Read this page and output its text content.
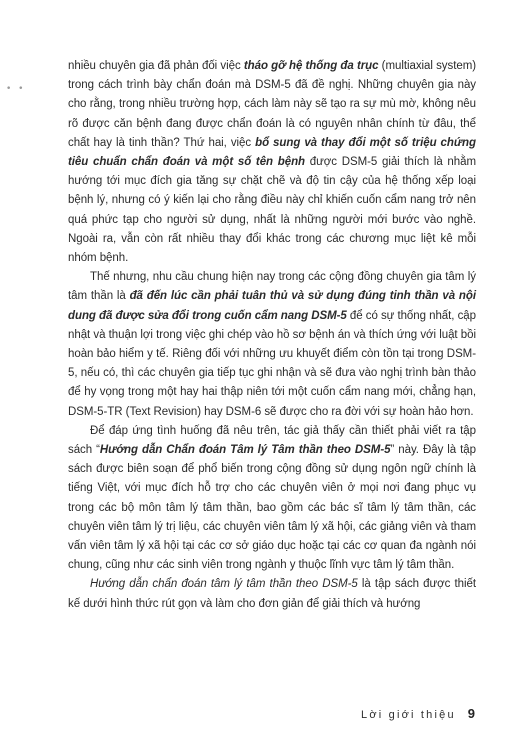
• •

nhiều chuyên gia đã phản đối việc tháo gỡ hệ thống đa trục (multiaxial system) trong cách trình bày chẩn đoán mà DSM-5 đã đề nghị. Những chuyên gia này cho rằng, trong nhiều trường hợp, cách làm này sẽ tạo ra sự mù mờ, không nêu rõ được căn bệnh đang được chẩn đoán là có nguyên nhân chính từ đâu, thể chất hay là tinh thần? Thứ hai, việc bổ sung và thay đổi một số triệu chứng tiêu chuẩn chẩn đoán và một số tên bệnh được DSM-5 giải thích là nhằm hướng tới mục đích gia tăng sự chặt chẽ và độ tin cậy của hệ thống xếp loại bệnh lý, nhưng có ý kiến lại cho rằng điều này chỉ khiến cuốn cẩm nang trở nên quá phức tạp cho người sử dụng, nhất là những người mới bước vào nghề. Ngoài ra, vẫn còn rất nhiều thay đổi khác trong các chương mục liệt kê mỗi nhóm bệnh.

Thế nhưng, nhu cầu chung hiện nay trong các cộng đồng chuyên gia tâm lý tâm thần là đã đến lúc cần phải tuân thủ và sử dụng đúng tinh thần và nội dung đã được sửa đổi trong cuốn cẩm nang DSM-5 để có sự thống nhất, cập nhật và thuận lợi trong việc ghi chép vào hồ sơ bệnh án và thích ứng với luật bồi hoàn bảo hiểm y tế. Riêng đối với những ưu khuyết điểm còn tồn tại trong DSM-5, nếu có, thì các chuyên gia tiếp tục ghi nhận và sẽ đưa vào nghị trình bàn thảo để hy vọng trong một hay hai thập niên tới một cuốn cẩm nang mới, chẳng hạn, DSM-5-TR (Text Revision) hay DSM-6 sẽ được cho ra đời với sự hoàn hảo hơn.

Để đáp ứng tình huống đã nêu trên, tác giả thấy cần thiết phải viết ra tập sách “Hướng dẫn Chẩn đoán Tâm lý Tâm thần theo DSM-5” này. Đây là tập sách được biên soạn để phổ biến trong cộng đồng sử dụng ngôn ngữ chính là tiếng Việt, với mục đích hỗ trợ cho các chuyên viên ở mọi nơi đang phục vụ trong các bộ môn tâm lý tâm thần, bao gồm các bác sĩ tâm lý tâm thần, các chuyên viên tâm lý trị liệu, các chuyên viên tâm lý xã hội, các giảng viên và tham vấn viên tâm lý xã hội tại các cơ sở giáo dục hoặc tại các cơ quan đa ngành nói chung, cũng như các sinh viên trong ngành y thuộc lĩnh vực tâm lý tâm thần.

Hướng dẫn chẩn đoán tâm lý tâm thần theo DSM-5 là tập sách được thiết kế dưới hình thức rút gọn và làm cho đơn giản để giải thích và hướng

Lời giới thiệu 9
